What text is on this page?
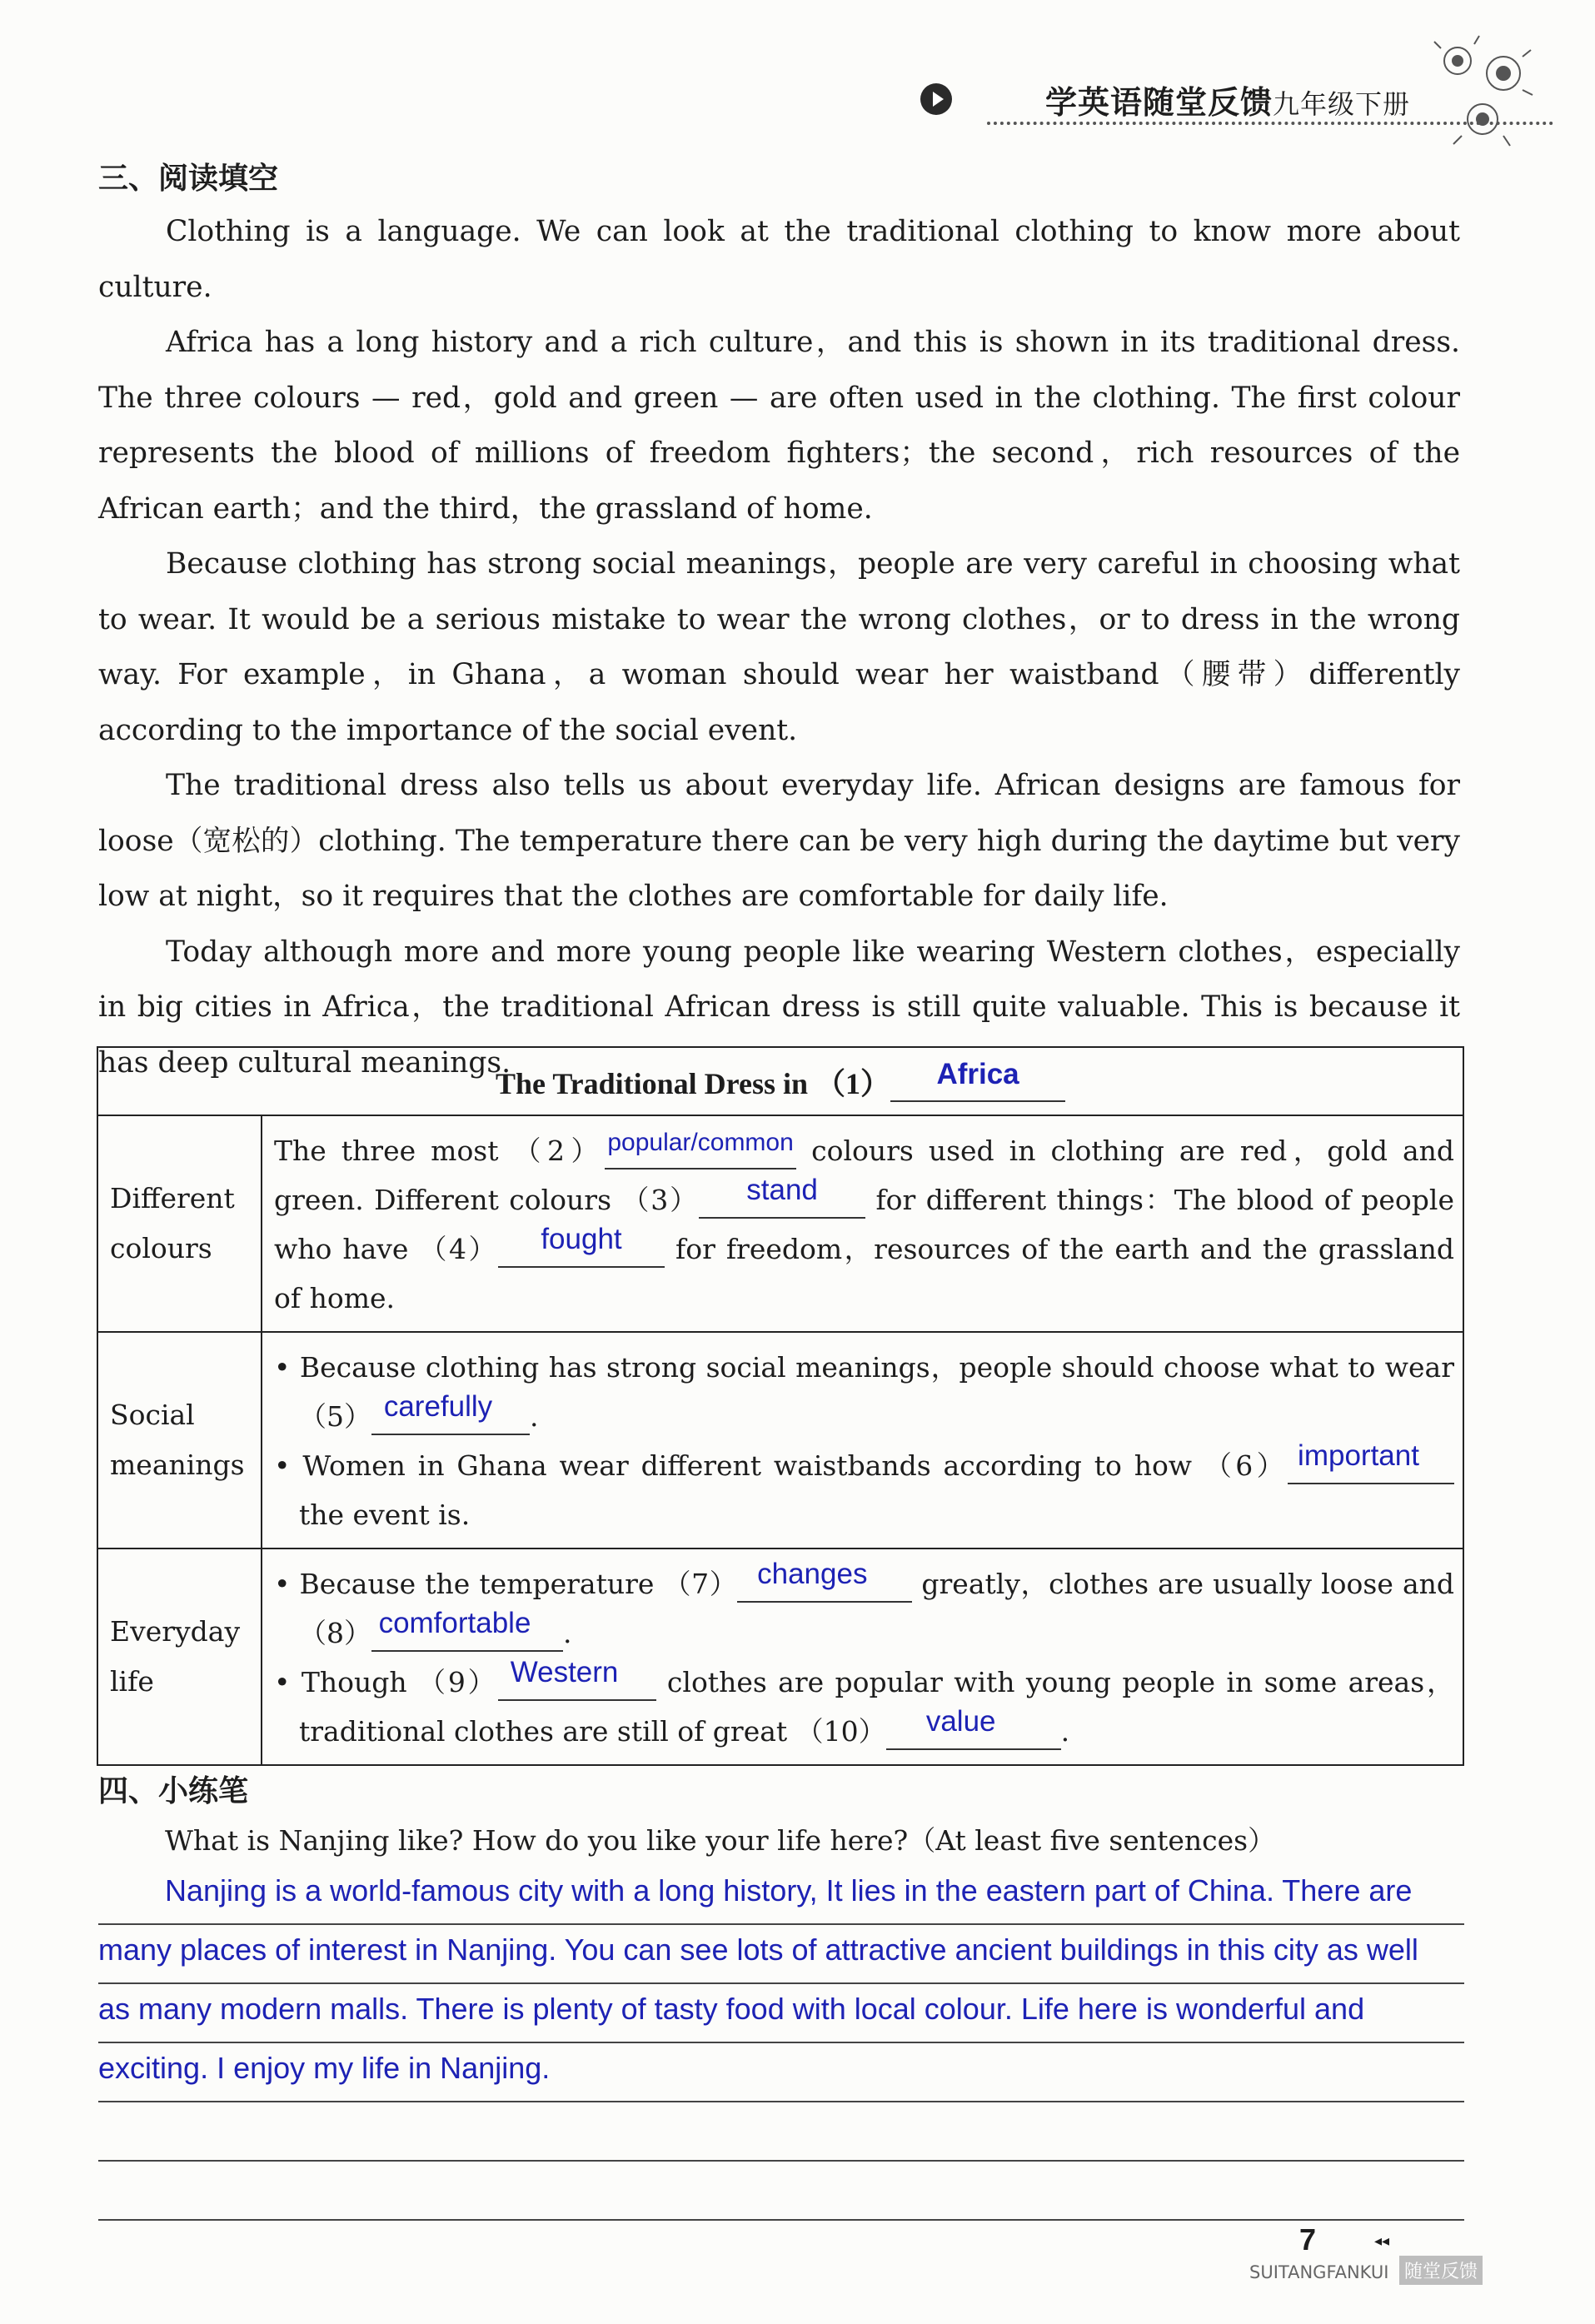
学英语随堂反馈九年级下册
三、阅读填空

Clothing is a language. We can look at the traditional clothing to know more about culture.

Africa has a long history and a rich culture，and this is shown in its traditional dress. The three colours — red，gold and green — are often used in the clothing. The first colour represents the blood of millions of freedom fighters；the second，rich resources of the African earth；and the third，the grassland of home.

Because clothing has strong social meanings，people are very careful in choosing what to wear. It would be a serious mistake to wear the wrong clothes，or to dress in the wrong way. For example，in Ghana，a woman should wear her waistband（腰带）differently according to the importance of the social event.

The traditional dress also tells us about everyday life. African designs are famous for loose（宽松的）clothing. The temperature there can be very high during the daytime but very low at night，so it requires that the clothes are comfortable for daily life.

Today although more and more young people like wearing Western clothes，especially in big cities in Africa，the traditional African dress is still quite valuable. This is because it has deep cultural meanings.

The Traditional Dress in （1） Africa	
Different colours	The three most （2） popular/common colours used in clothing are red，gold and green. Different colours （3） stand for different things：The blood of people who have （4） fought for freedom，resources of the earth and the grassland of home.
Social meanings	• Because clothing has strong social meanings，people should choose what to wear （5） carefully .
• Women in Ghana wear different waistbands according to how （6） important the event is.

Everyday life	• Because the temperature （7） changes greatly，clothes are usually loose and （8） comfortable .
• Though （9） Western clothes are popular with young people in some areas，traditional clothes are still of great （10） value .
四、小练笔
What is Nanjing like? How do you like your life here?（At least five sentences）
Nanjing is a world-famous city with a long history, It lies in the eastern part of China. There are
many places of interest in Nanjing. You can see lots of attractive ancient buildings in this city as well
as many modern malls. There is plenty of tasty food with local colour. Life here is wonderful and
exciting. I enjoy my life in Nanjing.
7	◂◂
SUITANGFANKUI 随堂反馈
